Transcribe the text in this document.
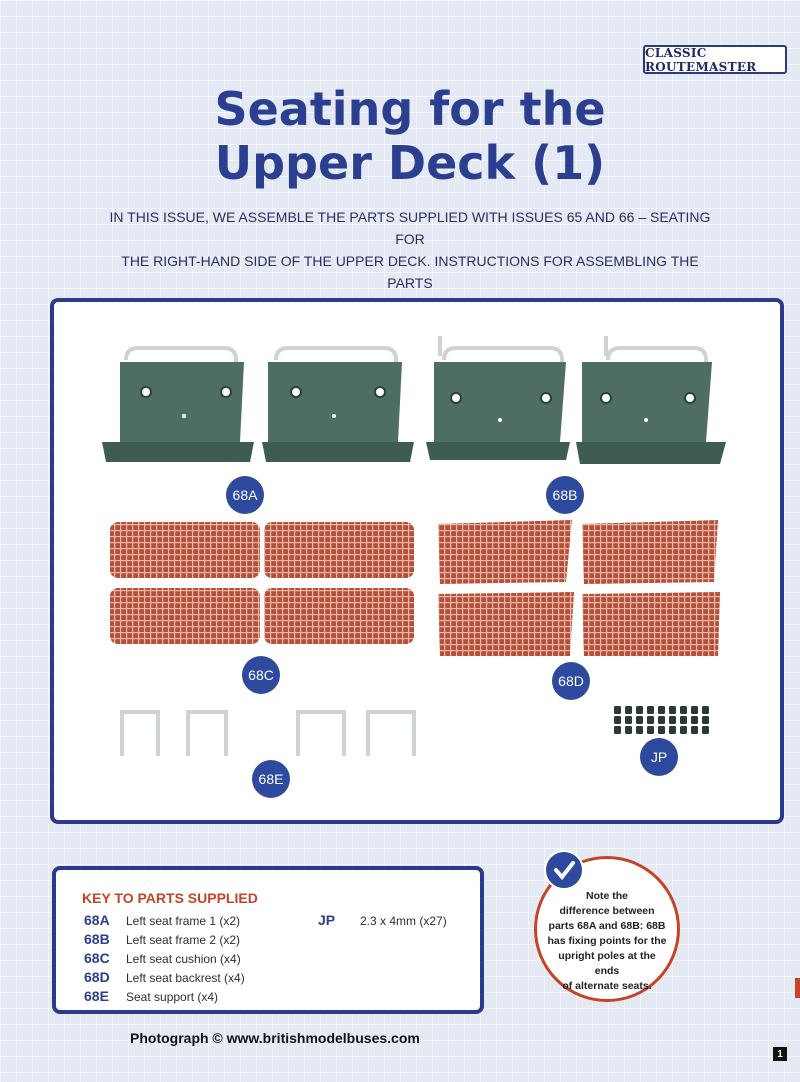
CLASSIC ROUTEMASTER
Seating for the
Upper Deck (1)

IN THIS ISSUE, WE ASSEMBLE THE PARTS SUPPLIED WITH ISSUES 65 AND 66 – SEATING FOR
THE RIGHT-HAND SIDE OF THE UPPER DECK. INSTRUCTIONS FOR ASSEMBLING THE PARTS

68A	68B
68C	68D
68E
JP
KEY TO PARTS SUPPLIED
68A	Left seat frame 1 (x2)
68B	Left seat frame 2 (x2)
68C	Left seat cushion (x4)
68D	Left seat backrest (x4)
68E	Seat support (x4)
JP	2.3 x 4mm (x27)
Note the
difference between
parts 68A and 68B: 68B
has fixing points for the
upright poles at the ends
of alternate seats.
Photograph © www.britishmodelbuses.com
1
